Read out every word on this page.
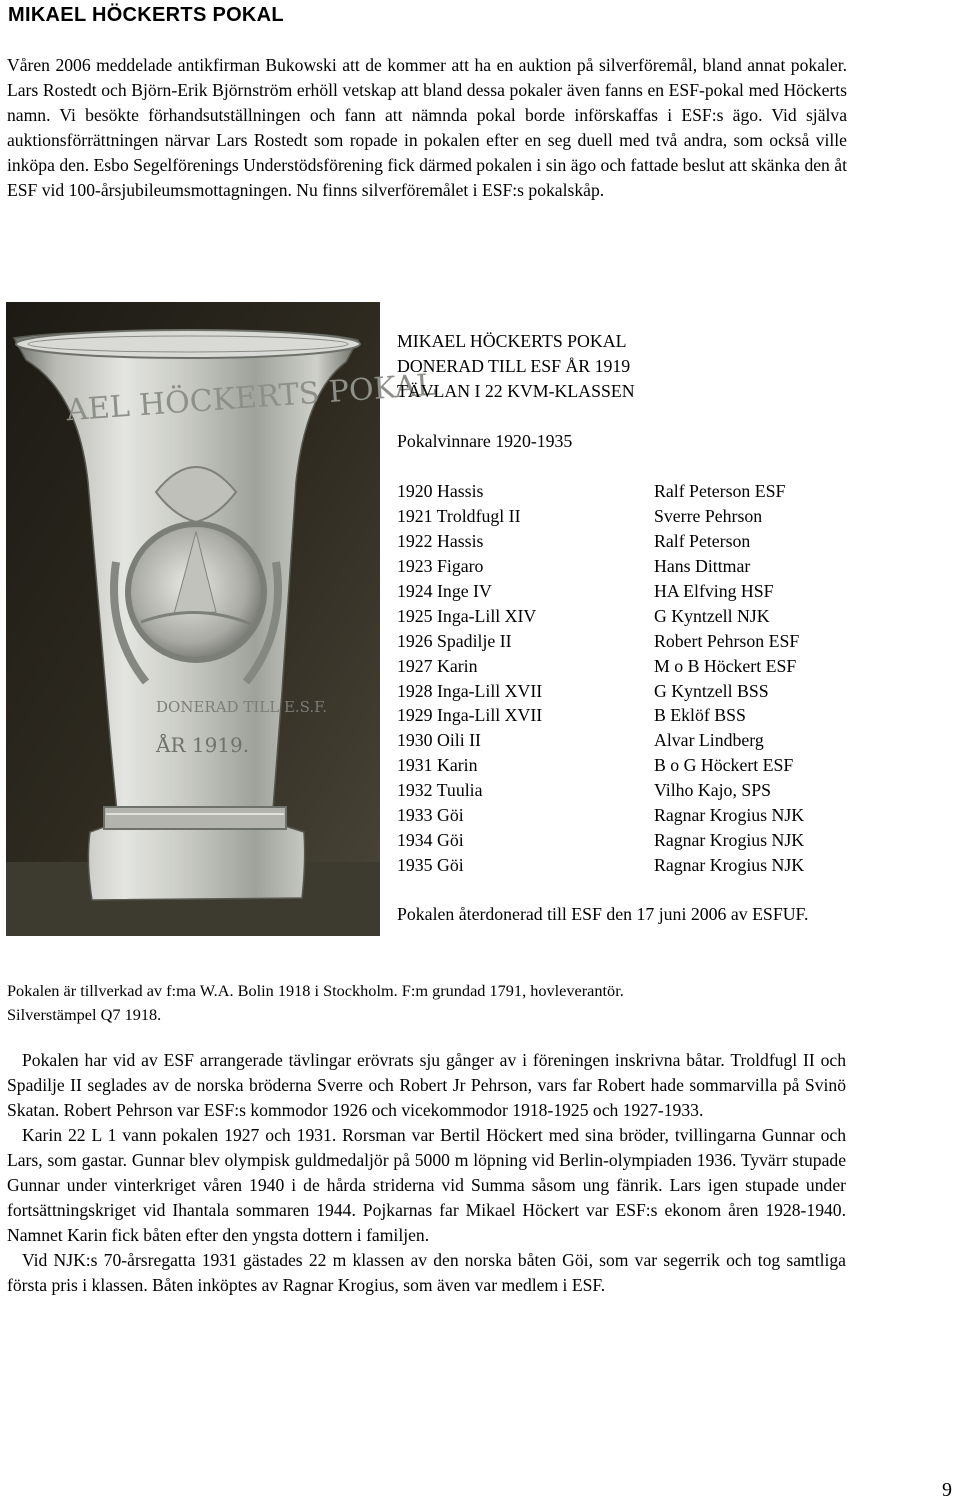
MIKAEL HÖCKERTS POKAL

Våren 2006 meddelade antikfirman Bukowski att de kommer att ha en auktion på silverföremål, bland annat pokaler. Lars Rostedt och Björn-Erik Björnström erhöll vetskap att bland dessa pokaler även fanns en ESF-pokal med Höckerts namn. Vi besökte förhandsutställningen och fann att nämnda pokal borde införskaffas i ESF:s ägo. Vid själva auktionsförrättningen närvar Lars Rostedt som ropade in pokalen efter en seg duell med två andra, som också ville inköpa den. Esbo Segelförenings Understödsförening fick därmed pokalen i sin ägo och fattade beslut att skänka den åt ESF vid 100-årsjubileumsmottagningen. Nu finns silverföremålet i ESF:s pokalskåp.

AEL HÖCKERTS POKAL
DONERAD TILL E.S.F.
ÅR 1919.
MIKAEL HÖCKERTS POKAL
DONERAD TILL ESF ÅR 1919
TÄVLAN I 22 KVM-KLASSEN
Pokalvinnare 1920-1935
1920 Hassis	Ralf Peterson ESF
1921 Troldfugl II	Sverre Pehrson
1922 Hassis	Ralf Peterson
1923 Figaro	Hans Dittmar
1924 Inge IV	HA Elfving HSF
1925 Inga-Lill XIV	G Kyntzell NJK
1926 Spadilje II	Robert Pehrson ESF
1927 Karin	M o B Höckert ESF
1928 Inga-Lill XVII	G Kyntzell BSS
1929 Inga-Lill XVII	B Eklöf BSS
1930 Oili II	Alvar Lindberg
1931 Karin	B o G Höckert ESF
1932 Tuulia	Vilho Kajo, SPS
1933 Göi	Ragnar Krogius NJK
1934 Göi	Ragnar Krogius NJK
1935 Göi	Ragnar Krogius NJK

Pokalen återdonerad till ESF den 17 juni 2006 av ESFUF.

Pokalen är tillverkad av f:ma W.A. Bolin 1918 i Stockholm. F:m grundad 1791, hovleverantör.
Silverstämpel Q7 1918.

Pokalen har vid av ESF arrangerade tävlingar erövrats sju gånger av i föreningen inskrivna båtar. Troldfugl II och Spadilje II seglades av de norska bröderna Sverre och Robert Jr Pehrson, vars far Robert hade sommarvilla på Svinö Skatan. Robert Pehrson var ESF:s kommodor 1926 och vicekommodor 1918-1925 och 1927-1933.

Karin 22 L 1 vann pokalen 1927 och 1931. Rorsman var Bertil Höckert med sina bröder, tvillingarna Gunnar och Lars, som gastar. Gunnar blev olympisk guldmedaljör på 5000 m löpning vid Berlin-olympiaden 1936. Tyvärr stupade Gunnar under vinterkriget våren 1940 i de hårda striderna vid Summa såsom ung fänrik. Lars igen stupade under fortsättningskriget vid Ihantala sommaren 1944. Pojkarnas far Mikael Höckert var ESF:s ekonom åren 1928-1940. Namnet Karin fick båten efter den yngsta dottern i familjen.

Vid NJK:s 70-årsregatta 1931 gästades 22 m klassen av den norska båten Göi, som var segerrik och tog samtliga första pris i klassen. Båten inköptes av Ragnar Krogius, som även var medlem i ESF.

9
